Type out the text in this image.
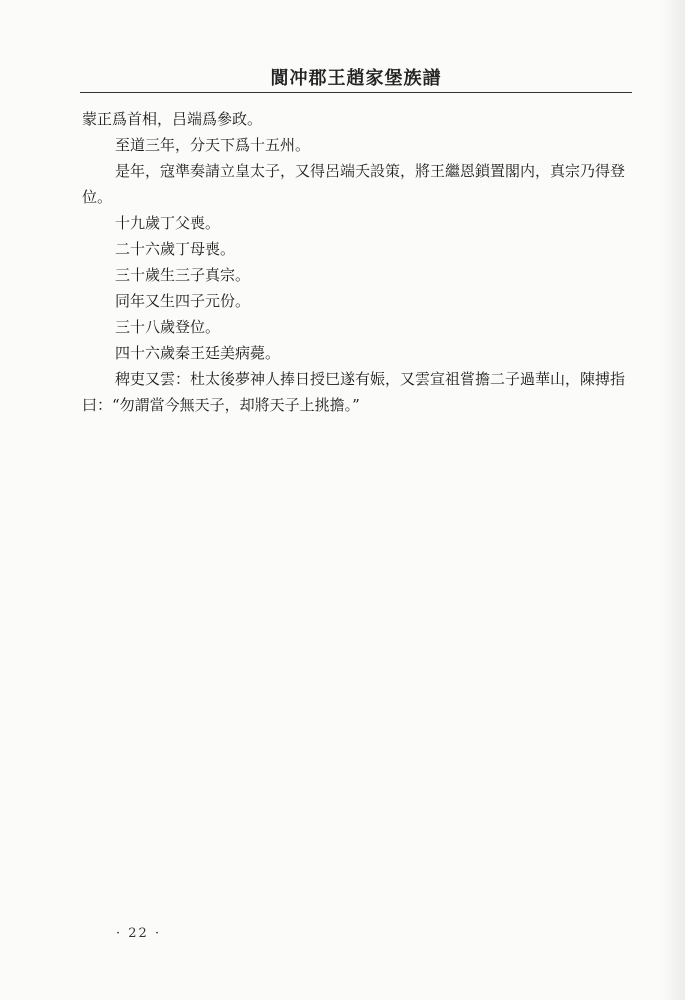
閬冲郡王趙家堡族譜

蒙正爲首相，吕端爲參政。

至道三年，分天下爲十五州。

是年，寇準奏請立皇太子，又得呂端夭設策，將王繼恩鎖置閣内，真宗乃得登位。

十九歲丁父喪。

二十六歲丁母喪。

三十歲生三子真宗。

同年又生四子元份。

三十八歲登位。

四十六歲秦王廷美病薨。

稗吏又雲：杜太後夢神人捧日授巳遂有娠，又雲宣祖嘗擔二子過華山，陳搏指曰：“勿謂當今無天子，却將天子上挑擔。”

· 22 ·
